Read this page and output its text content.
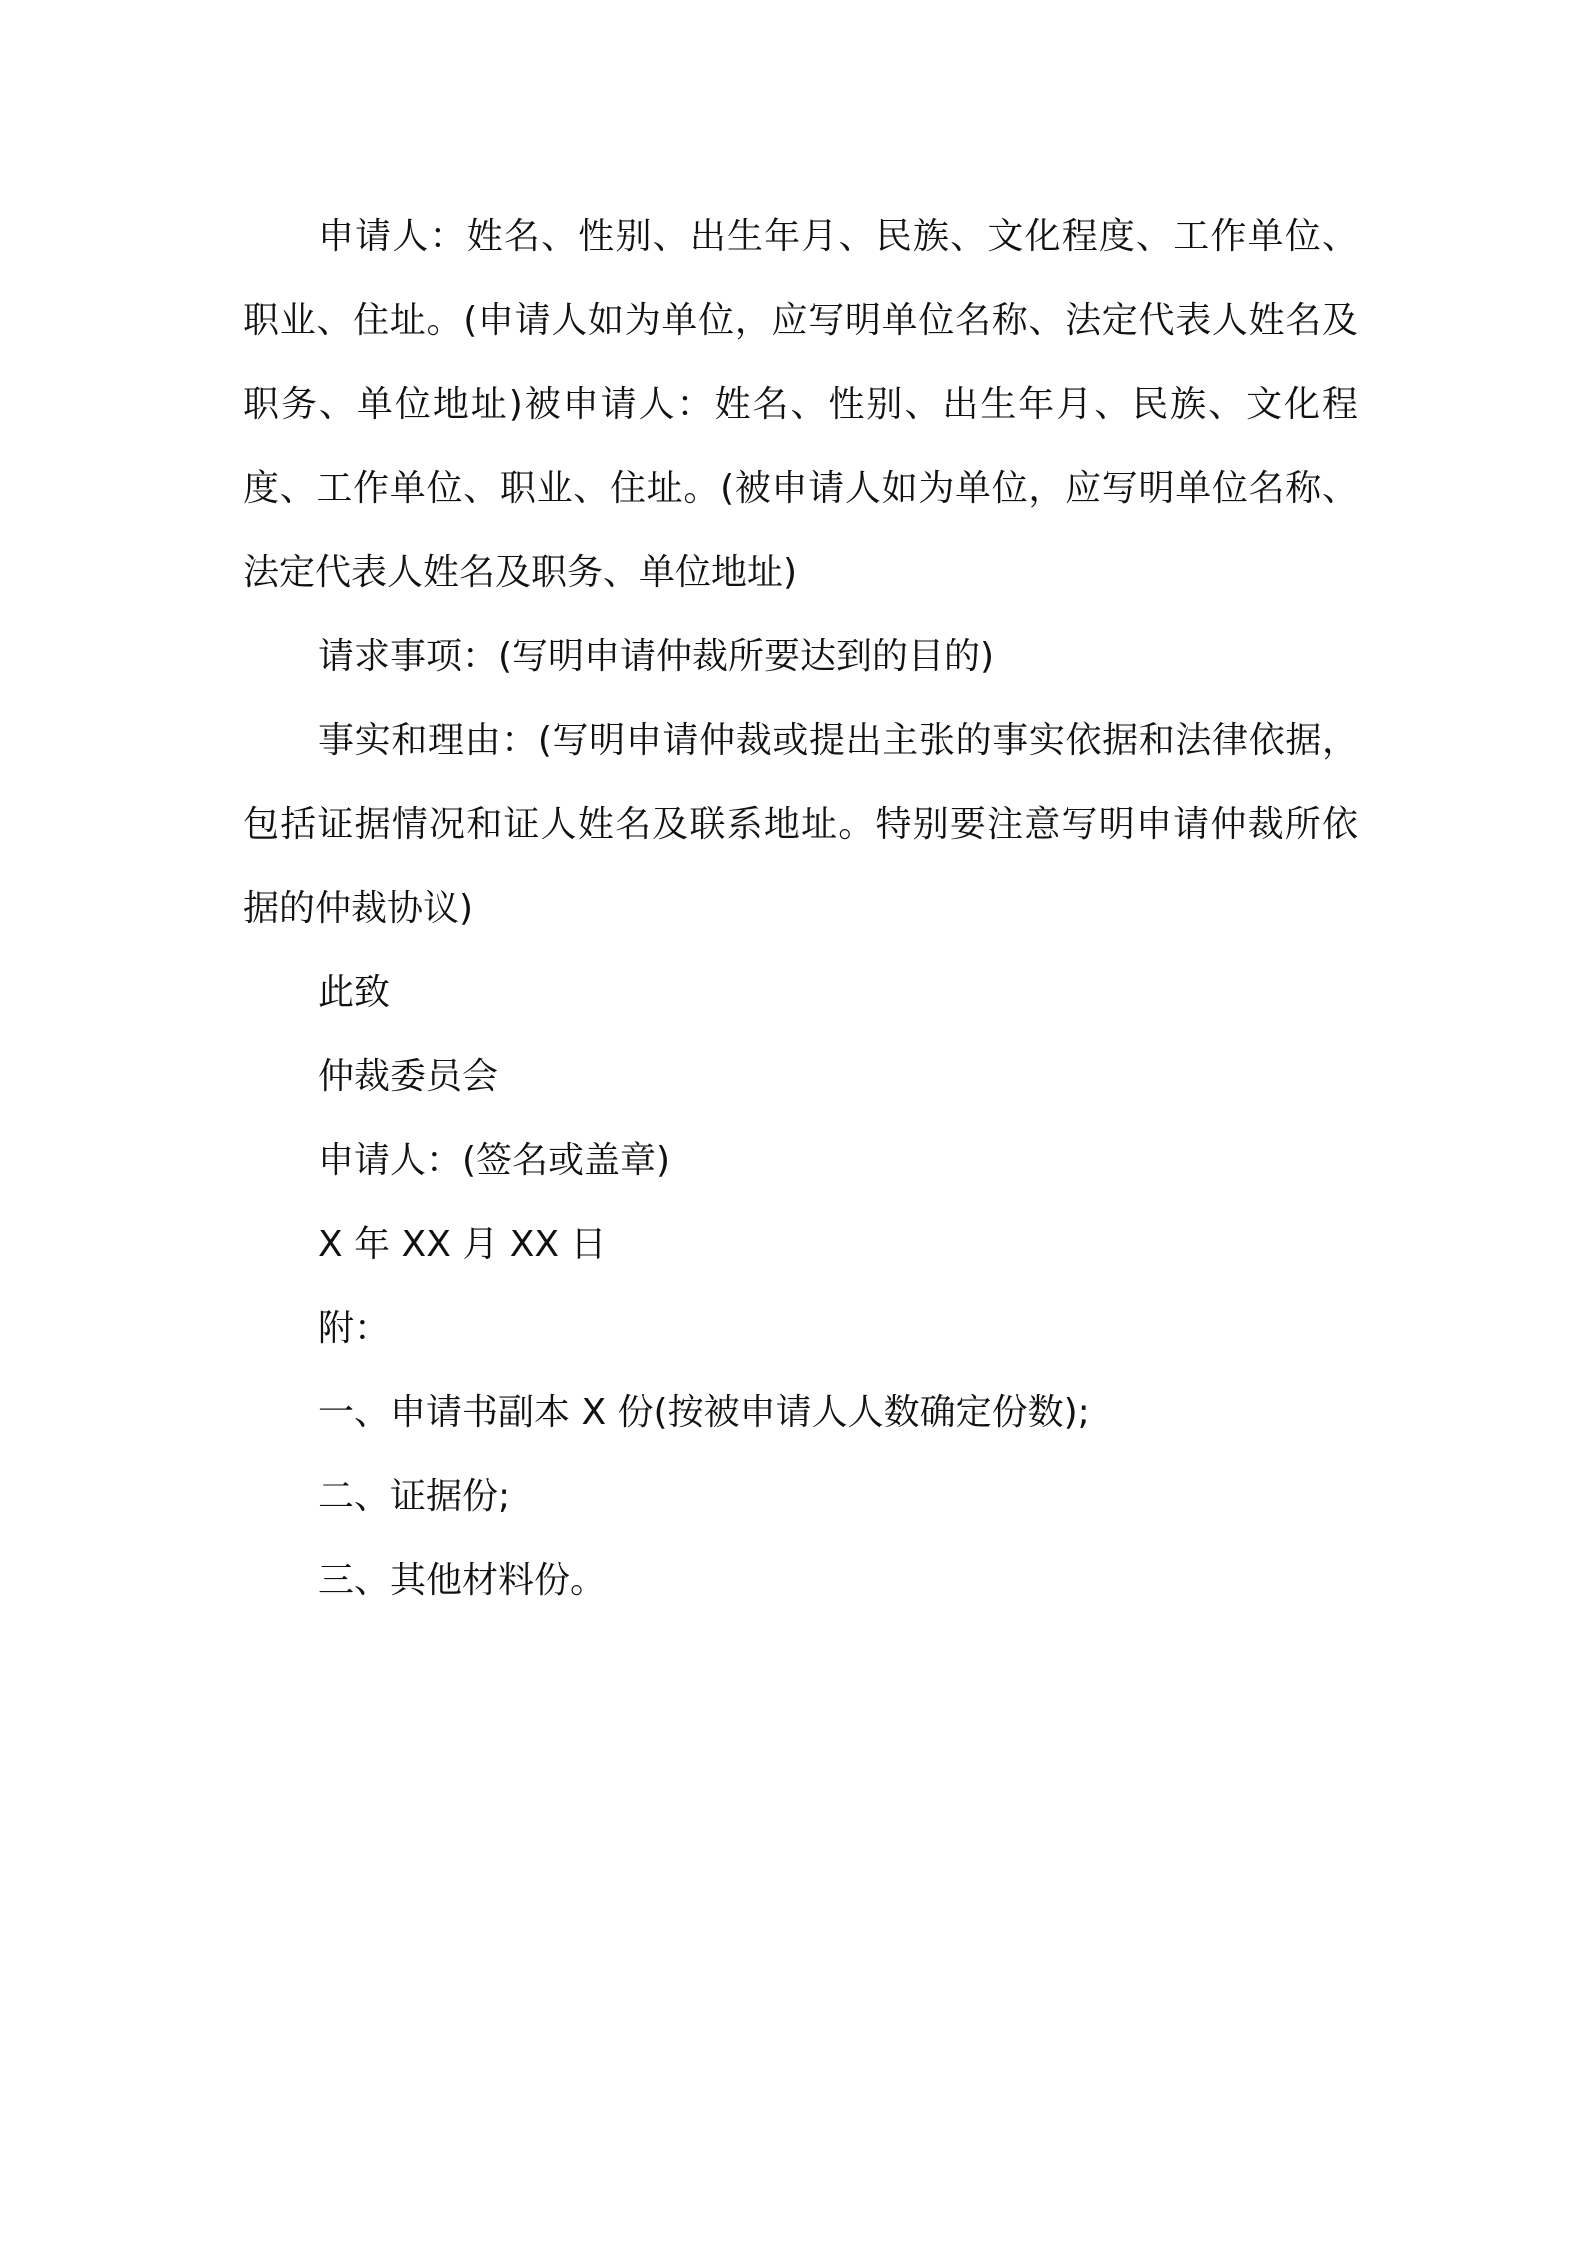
申请人：姓名、性别、出生年月、民族、文化程度、工作单位、职业、住址。(申请人如为单位，应写明单位名称、法定代表人姓名及职务、单位地址)被申请人：姓名、性别、出生年月、民族、文化程度、工作单位、职业、住址。(被申请人如为单位，应写明单位名称、法定代表人姓名及职务、单位地址)

请求事项：(写明申请仲裁所要达到的目的)

事实和理由：(写明申请仲裁或提出主张的事实依据和法律依据，包括证据情况和证人姓名及联系地址。特别要注意写明申请仲裁所依据的仲裁协议)

此致

仲裁委员会

申请人：(签名或盖章)

X 年 XX 月 XX 日

附：

一、申请书副本 X 份(按被申请人人数确定份数);

二、证据份;

三、其他材料份。
